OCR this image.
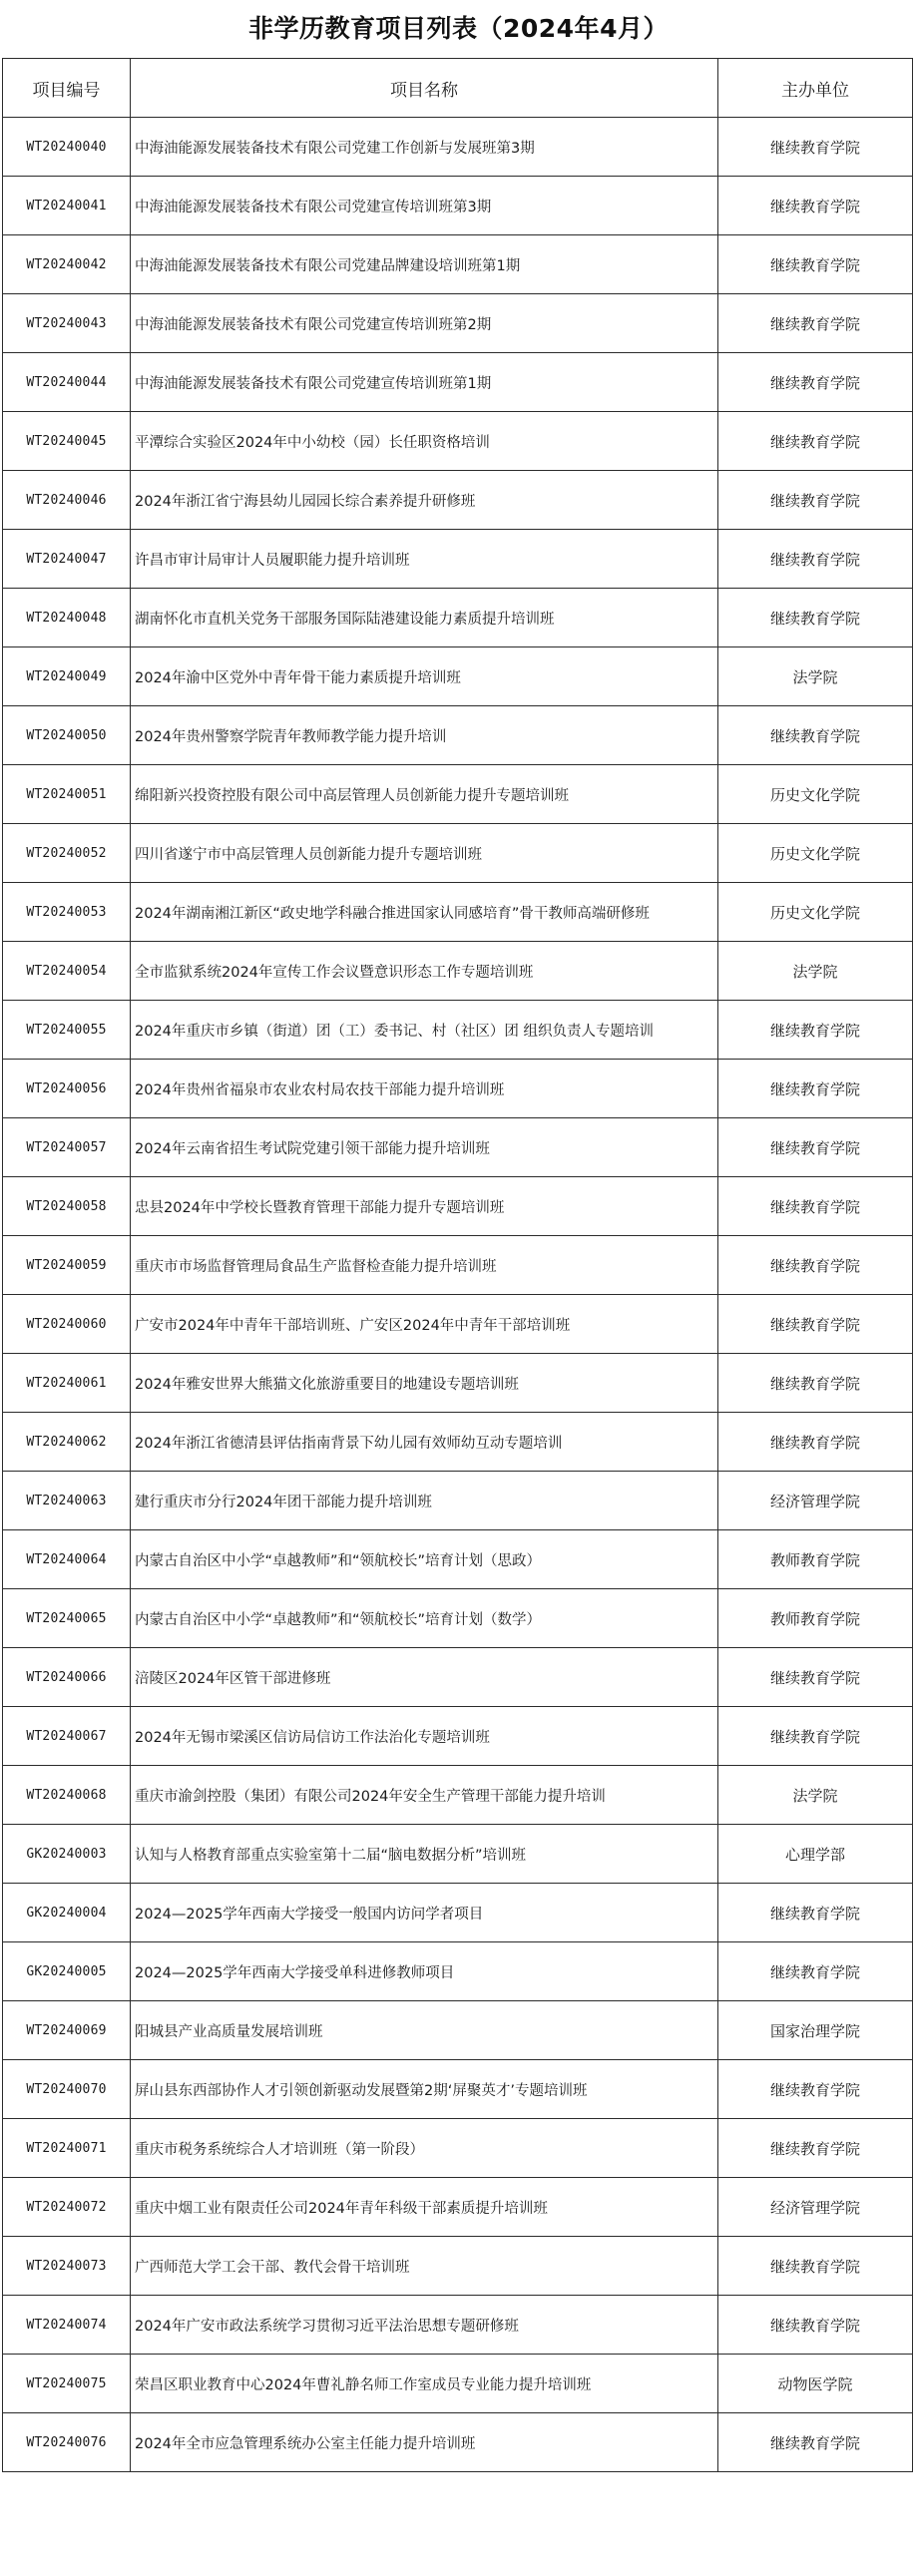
非学历教育项目列表（2024年4月）
项目编号	项目名称	主办单位
WT20240040	中海油能源发展装备技术有限公司党建工作创新与发展班第3期	继续教育学院
WT20240041	中海油能源发展装备技术有限公司党建宣传培训班第3期	继续教育学院
WT20240042	中海油能源发展装备技术有限公司党建品牌建设培训班第1期	继续教育学院
WT20240043	中海油能源发展装备技术有限公司党建宣传培训班第2期	继续教育学院
WT20240044	中海油能源发展装备技术有限公司党建宣传培训班第1期	继续教育学院
WT20240045	平潭综合实验区2024年中小幼校（园）长任职资格培训	继续教育学院
WT20240046	2024年浙江省宁海县幼儿园园长综合素养提升研修班	继续教育学院
WT20240047	许昌市审计局审计人员履职能力提升培训班	继续教育学院
WT20240048	湖南怀化市直机关党务干部服务国际陆港建设能力素质提升培训班	继续教育学院
WT20240049	2024年渝中区党外中青年骨干能力素质提升培训班	法学院
WT20240050	2024年贵州警察学院青年教师教学能力提升培训	继续教育学院
WT20240051	绵阳新兴投资控股有限公司中高层管理人员创新能力提升专题培训班	历史文化学院
WT20240052	四川省遂宁市中高层管理人员创新能力提升专题培训班	历史文化学院
WT20240053	2024年湖南湘江新区“政史地学科融合推进国家认同感培育”骨干教师高端研修班	历史文化学院
WT20240054	全市监狱系统2024年宣传工作会议暨意识形态工作专题培训班	法学院
WT20240055	2024年重庆市乡镇（街道）团（工）委书记、村（社区）团 组织负责人专题培训	继续教育学院
WT20240056	2024年贵州省福泉市农业农村局农技干部能力提升培训班	继续教育学院
WT20240057	2024年云南省招生考试院党建引领干部能力提升培训班	继续教育学院
WT20240058	忠县2024年中学校长暨教育管理干部能力提升专题培训班	继续教育学院
WT20240059	重庆市市场监督管理局食品生产监督检查能力提升培训班	继续教育学院
WT20240060	广安市2024年中青年干部培训班、广安区2024年中青年干部培训班	继续教育学院
WT20240061	2024年雅安世界大熊猫文化旅游重要目的地建设专题培训班	继续教育学院
WT20240062	2024年浙江省德清县评估指南背景下幼儿园有效师幼互动专题培训	继续教育学院
WT20240063	建行重庆市分行2024年团干部能力提升培训班	经济管理学院
WT20240064	内蒙古自治区中小学“卓越教师”和“领航校长”培育计划（思政）	教师教育学院
WT20240065	内蒙古自治区中小学“卓越教师”和“领航校长”培育计划（数学）	教师教育学院
WT20240066	涪陵区2024年区管干部进修班	继续教育学院
WT20240067	2024年无锡市梁溪区信访局信访工作法治化专题培训班	继续教育学院
WT20240068	重庆市渝剑控股（集团）有限公司2024年安全生产管理干部能力提升培训	法学院
GK20240003	认知与人格教育部重点实验室第十二届“脑电数据分析”培训班	心理学部
GK20240004	2024—2025学年西南大学接受一般国内访问学者项目	继续教育学院
GK20240005	2024—2025学年西南大学接受单科进修教师项目	继续教育学院
WT20240069	阳城县产业高质量发展培训班	国家治理学院
WT20240070	屏山县东西部协作人才引领创新驱动发展暨第2期‘屏聚英才’专题培训班	继续教育学院
WT20240071	重庆市税务系统综合人才培训班（第一阶段）	继续教育学院
WT20240072	重庆中烟工业有限责任公司2024年青年科级干部素质提升培训班	经济管理学院
WT20240073	广西师范大学工会干部、教代会骨干培训班	继续教育学院
WT20240074	2024年广安市政法系统学习贯彻习近平法治思想专题研修班	继续教育学院
WT20240075	荣昌区职业教育中心2024年曹礼静名师工作室成员专业能力提升培训班	动物医学院
WT20240076	2024年全市应急管理系统办公室主任能力提升培训班	继续教育学院
